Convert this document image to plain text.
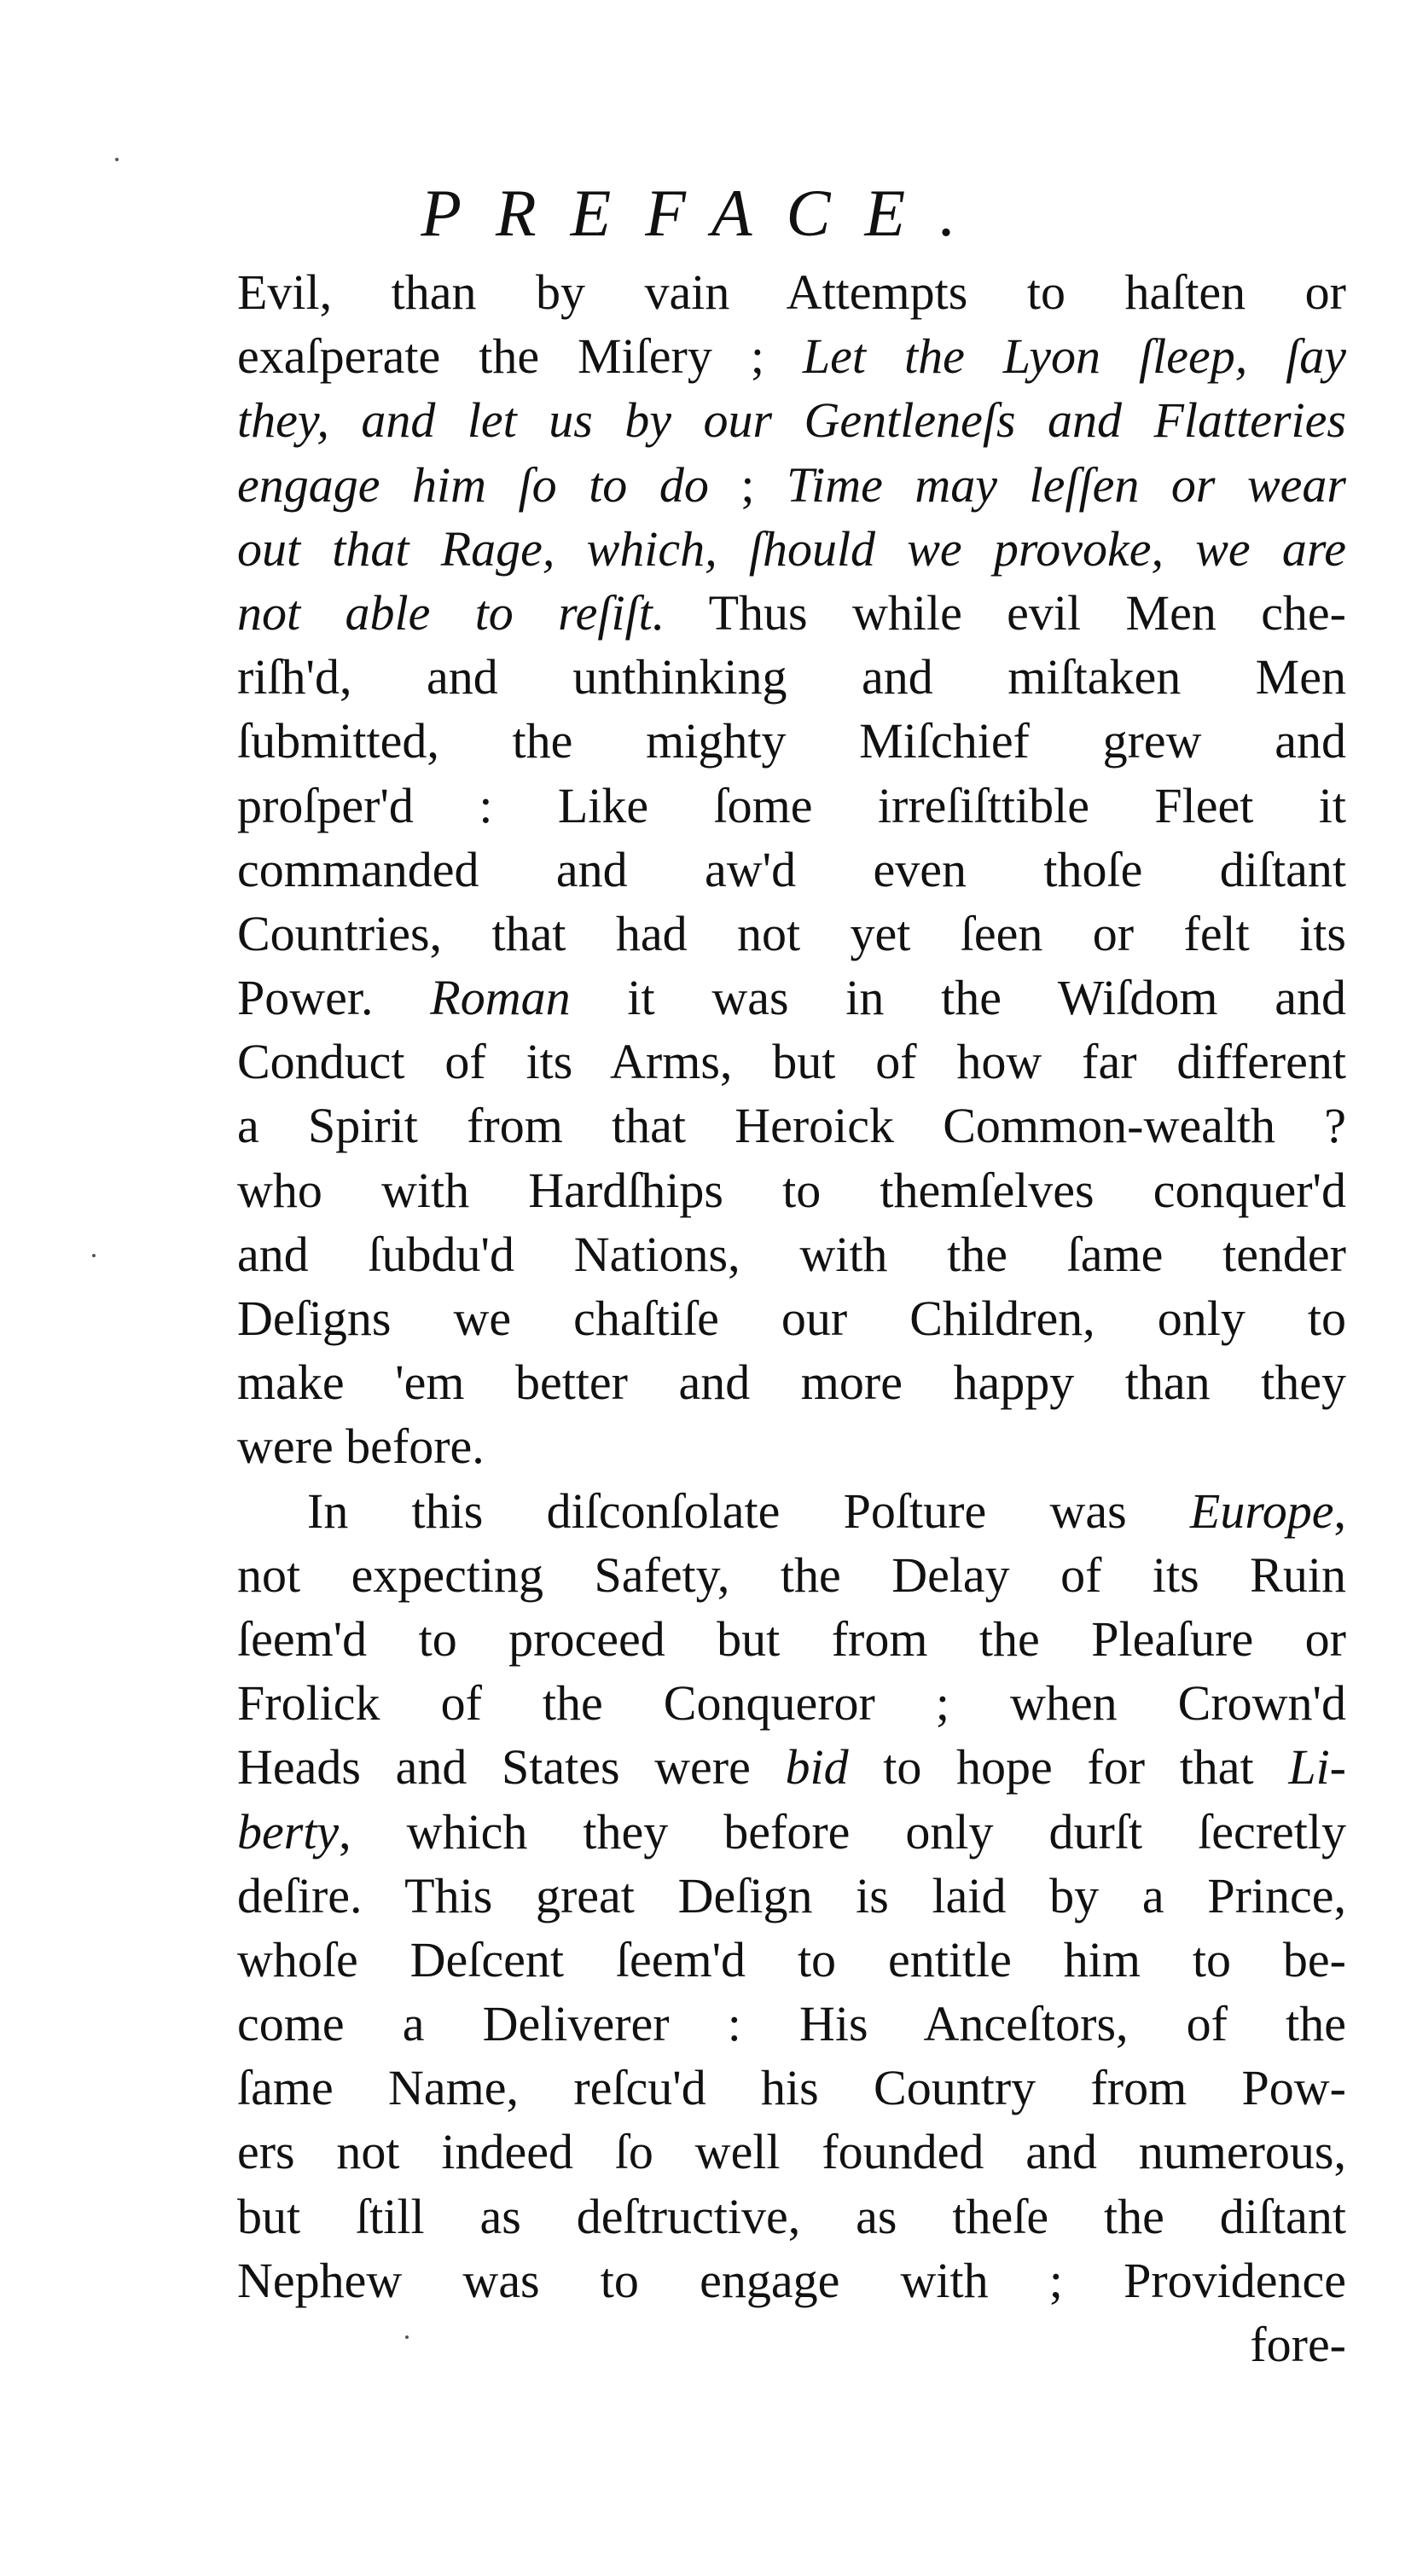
PREFACE.
Evil, than by vain Attempts to haſten or
exaſperate the Miſery ; Let the Lyon ſleep, ſay
they, and let us by our Gentleneſs and Flatteries
engage him ſo to do ; Time may leſſen or wear
out that Rage, which, ſhould we provoke, we are
not able to reſiſt. Thus while evil Men che-
riſh'd, and unthinking and miſtaken Men
ſubmitted, the mighty Miſchief grew and
proſper'd : Like ſome irreſiſttible Fleet it
commanded and aw'd even thoſe diſtant
Countries, that had not yet ſeen or felt its
Power. Roman it was in the Wiſdom and
Conduct of its Arms, but of how far different
a Spirit from that Heroick Common-wealth ?
who with Hardſhips to themſelves conquer'd
and ſubdu'd Nations, with the ſame tender
Deſigns we chaſtiſe our Children, only to
make 'em better and more happy than they
were before.
In this diſconſolate Poſture was Europe,
not expecting Safety, the Delay of its Ruin
ſeem'd to proceed but from the Pleaſure or
Frolick of the Conqueror ; when Crown'd
Heads and States were bid to hope for that Li-
berty, which they before only durſt ſecretly
deſire. This great Deſign is laid by a Prince,
whoſe Deſcent ſeem'd to entitle him to be-
come a Deliverer : His Anceſtors, of the
ſame Name, reſcu'd his Country from Pow-
ers not indeed ſo well founded and numerous,
but ſtill as deſtructive, as theſe the diſtant
Nephew was to engage with ; Providence
fore-
